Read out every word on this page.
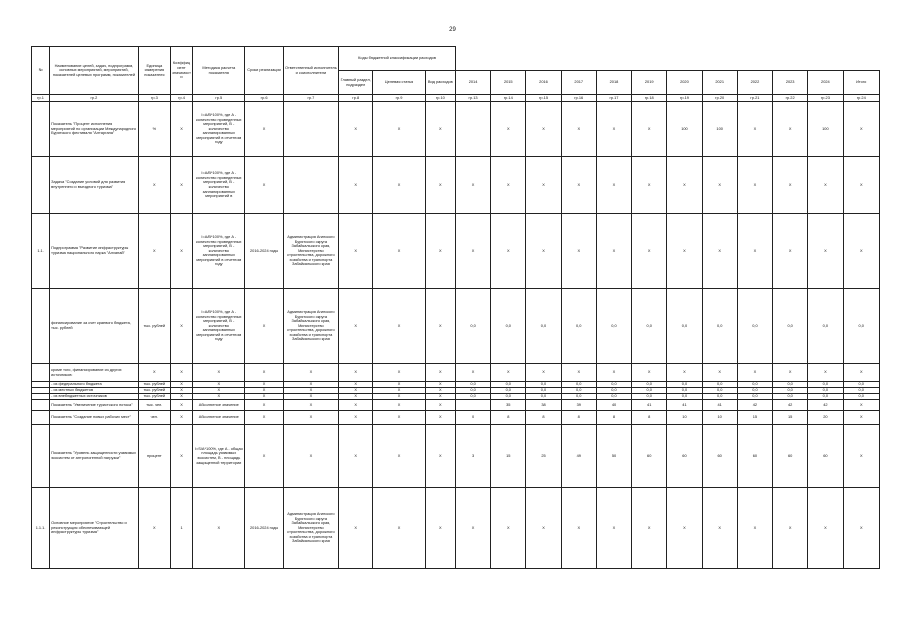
29
№	Наименование целей, задач, подпрограмм, основных мероприятий, мероприятий, показателей целевых программ, показателей	Единица измерения показателя	Коэффициент значимости	Методика расчета показателя	Сроки реализации	Ответственный исполнитель и соисполнители	Коды бюджетной классификации расходов														
							Главный раздел, подраздел	Целевая статья	Вид расходов	2014	2015	2016	2017	2018	2019	2020	2021	2022	2023	2024	Итого
гр.1	гр.2	гр.3	гр.4	гр.5	гр.6	гр.7	гр.8	гр.9	гр.10	гр.13	гр.14	гр.15	гр.16	гр.17	гр.18	гр.19	гр.20	гр.21	гр.22	гр.23	гр.24
	Показатель "Процент исполнения мероприятий по организации Международного Бурятского фестиваля "Алтаргана"	%	X	I=A/B*100%, где A - количество проведенных мероприятий, B - количество запланированных мероприятий в отчетном году	X		X	X	X		X	X	X	X	X	100	100	X	X	100	X
	Задача "Создание условий для развития внутреннего и въездного туризма"	X	X	I=A/B*100%, где A - количество проведенных мероприятий, B - количество запланированных мероприятий в	X		X	X	X	X	X	X	X	X	X	X	X	X	X	X	X
1.1.	Подпрограмма "Развитие инфраструктуры туризма национального парка "Алханай"	X	X	I=A/B*100%, где A - количество проведенных мероприятий, B - количество запланированных мероприятий в отчетном году	2016-2024 годы	Администрация Агинского Бурятского округа Забайкальского края, Министерство строительства, дорожного хозяйства и транспорта Забайкальского края	X	X	X	X	X	X	X	X	X	X	X	X	X	X	X
	финансирование за счет краевого бюджета, тыс. рублей	тыс. рублей	X	I=A/B*100%, где A - количество проведенных мероприятий, B - количество запланированных мероприятий в отчетном году	X	Администрация Агинского Бурятского округа Забайкальского края, Министерство строительства, дорожного хозяйства и транспорта Забайкальского края	X	X	X	0,0	0,0	0,0	0,0	0,0	0,0	0,0	0,0	0,0	0,0	0,0	0,0
	кроме того, финансирование из других источников:	X	X	X	X	X	X	X	X	X	X	X	X	X	X	X	X	X	X	X	X
	- из федерального бюджета	тыс. рублей	X	X	X	X	X	X	X	0,0	0,0	0,0	0,0	0,0	0,0	0,0	0,0	0,0	0,0	0,0	0,0
	- из местных бюджетов	тыс. рублей	X	X	X	X	X	X	X	0,0	0,0	0,0	0,0	0,0	0,0	0,0	0,0	0,0	0,0	0,0	0,0
	- из внебюджетных источников	тыс. рублей	X	X	X	X	X	X	X	0,0	0,0	0,0	0,0	0,0	0,0	0,0	0,0	0,0	0,0	0,0	0,0
	Показатель "Увеличение туристского потока"	тыс. чел.	X	Абсолютное значение	X	X	X	X	X		35	38	39	40	41	41	41	42	42	42	X
	Показатель "Создание новых рабочих мест"	чел.	X	Абсолютное значение	X	X	X	X	X	0	8	8	8	8	8	10	10	15	15	20	X
	Показатель "Уровень защищенности уязвимых экосистем от антропогенной нагрузки"	процент	X	I=S/A*100%, где A - общая площадь уязвимых экосистем, B - площадь защищенной территории	X	X	X	X	X	3	15	25	49	50	60	60	60	60	60	60	X
1.1.1.	Основное мероприятие "Строительство и реконструкция обеспечивающей инфраструктуры туризма"	X	1	X	2016-2024 годы	Администрация Агинского Бурятского округа Забайкальского края, Министерство строительства, дорожного хозяйства и транспорта Забайкальского края	X	X	X	X	X	X	X	X	X	X	X	X	X	X	X
